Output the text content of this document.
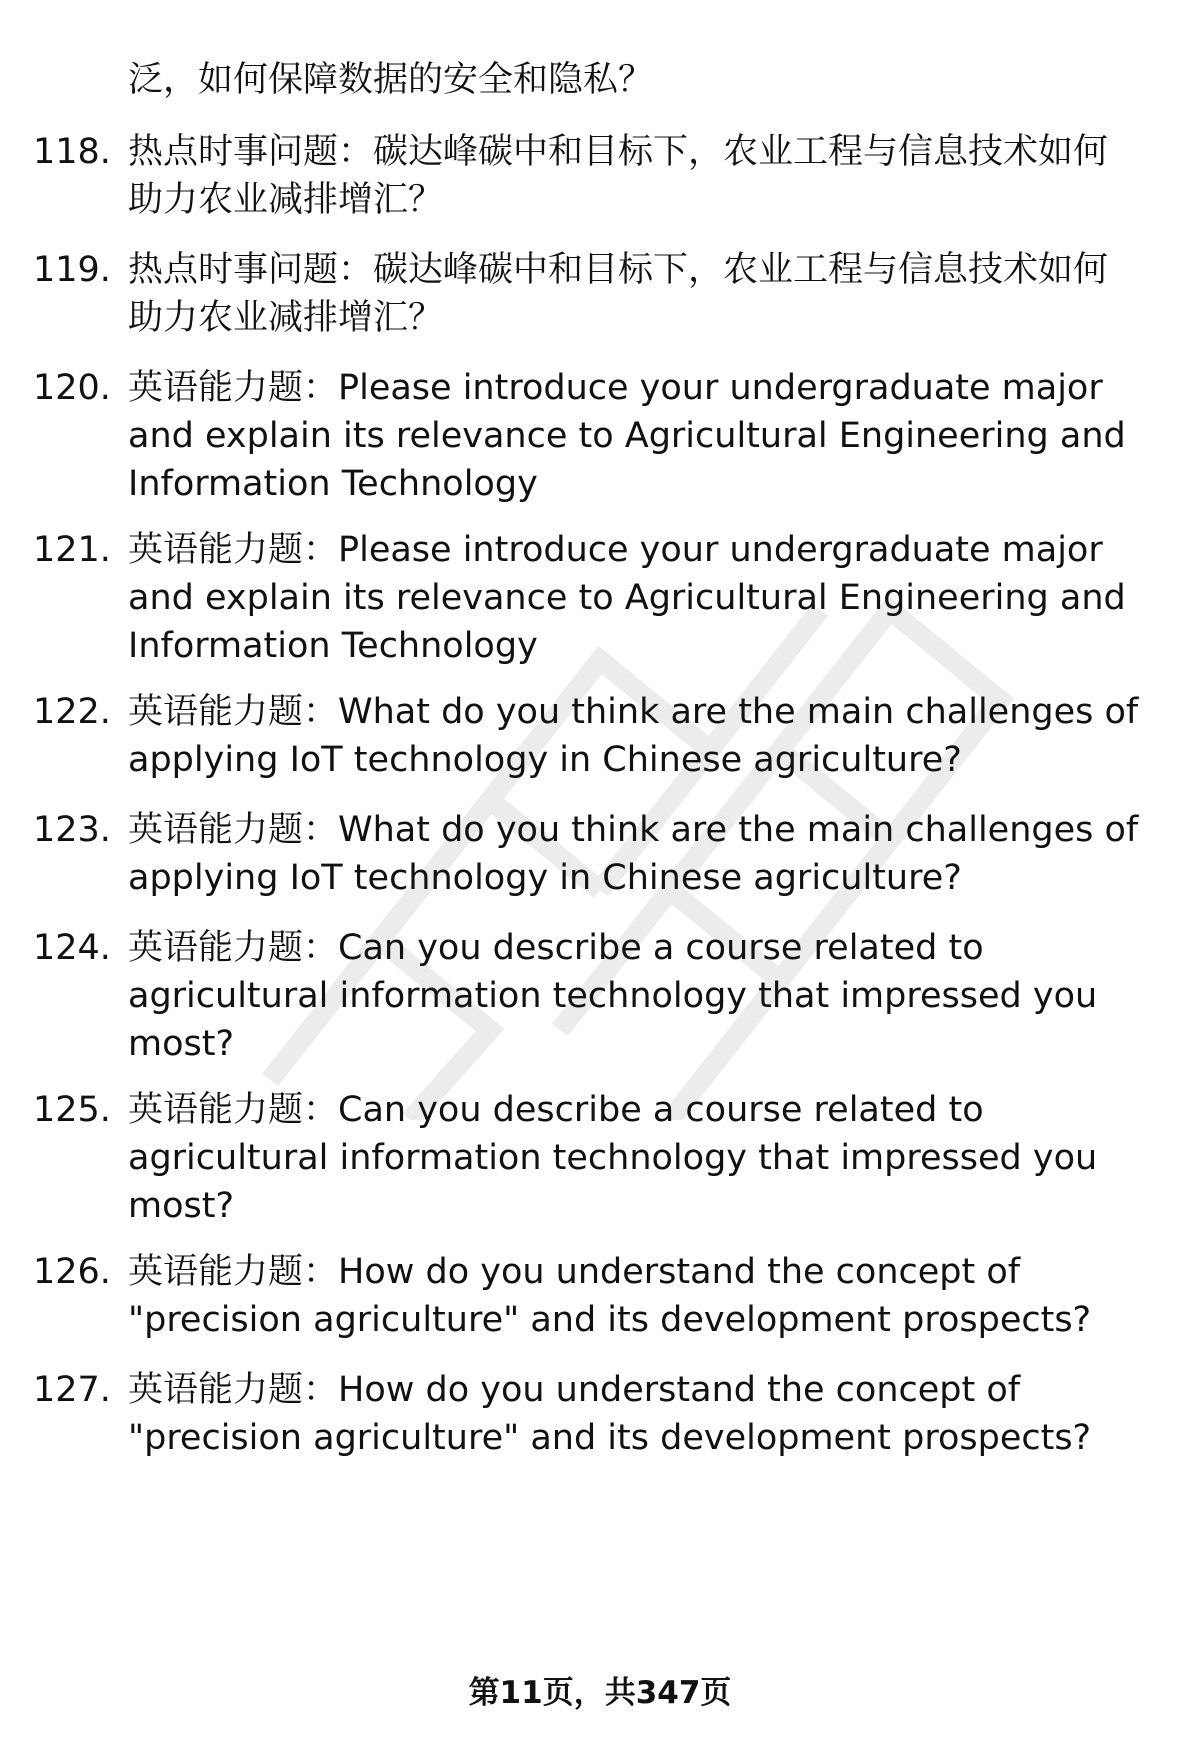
泛，如何保障数据的安全和隐私？
118. 热点时事问题：碳达峰碳中和目标下，农业工程与信息技术如何
助力农业减排增汇？
119. 热点时事问题：碳达峰碳中和目标下，农业工程与信息技术如何
助力农业减排增汇？
120. 英语能力题：Please introduce your undergraduate major
and explain its relevance to Agricultural Engineering and
Information Technology
121. 英语能力题：Please introduce your undergraduate major
and explain its relevance to Agricultural Engineering and
Information Technology
122. 英语能力题：What do you think are the main challenges of
applying IoT technology in Chinese agriculture?
123. 英语能力题：What do you think are the main challenges of
applying IoT technology in Chinese agriculture?
124. 英语能力题：Can you describe a course related to
agricultural information technology that impressed you
most?
125. 英语能力题：Can you describe a course related to
agricultural information technology that impressed you
most?
126. 英语能力题：How do you understand the concept of
"precision agriculture" and its development prospects?
127. 英语能力题：How do you understand the concept of
"precision agriculture" and its development prospects?
第11页，共347页
